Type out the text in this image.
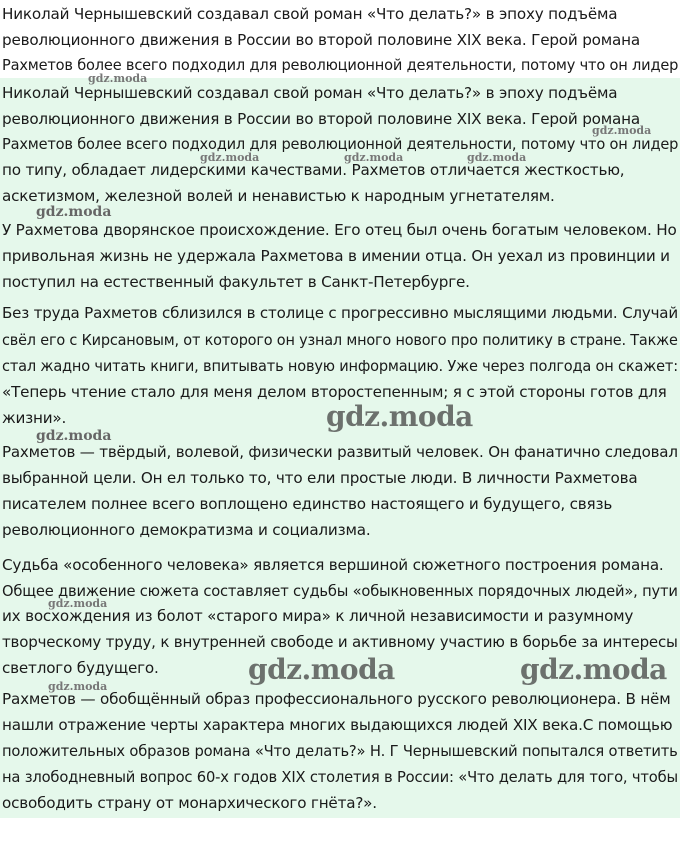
Николай Чернышевский создавал свой роман «Что делать?» в эпоху подъёма
революционного движения в России во второй половине XIX века. Герой романа
Рахметов более всего подходил для революционной деятельности, потому что он лидер
Николай Чернышевский создавал свой роман «Что делать?» в эпоху подъёма
революционного движения в России во второй половине XIX века. Герой романа
Рахметов более всего подходил для революционной деятельности, потому что он лидер
по типу, обладает лидерскими качествами. Рахметов отличается жесткостью,
аскетизмом, железной волей и ненавистью к народным угнетателям.
У Рахметова дворянское происхождение. Его отец был очень богатым человеком. Но
привольная жизнь не удержала Рахметова в имении отца. Он уехал из провинции и
поступил на естественный факультет в Санкт-Петербурге.
Без труда Рахметов сблизился в столице с прогрессивно мыслящими людьми. Случай
свёл его с Кирсановым, от которого он узнал много нового про политику в стране. Также
стал жадно читать книги, впитывать новую информацию. Уже через полгода он скажет:
«Теперь чтение стало для меня делом второстепенным; я с этой стороны готов для
жизни».
Рахметов — твёрдый, волевой, физически развитый человек. Он фанатично следовал
выбранной цели. Он ел только то, что ели простые люди. В личности Рахметова
писателем полнее всего воплощено единство настоящего и будущего, связь
революционного демократизма и социализма.
Судьба «особенного человека» является вершиной сюжетного построения романа.
Общее движение сюжета составляет судьбы «обыкновенных порядочных людей», пути
их восхождения из болот «старого мира» к личной независимости и разумному
творческому труду, к внутренней свободе и активному участию в борьбе за интересы
светлого будущего.
Рахметов — обобщённый образ профессионального русского революционера. В нём
нашли отражение черты характера многих выдающихся людей XIX века.С помощью
положительных образов романа «Что делать?» Н. Г Чернышевский попытался ответить
на злободневный вопрос 60-х годов XIX столетия в России: «Что делать для того, чтобы
освободить страну от монархического гнёта?».
gdz.moda
gdz.moda
gdz.moda	gdz.moda	gdz.moda
gdz.moda
gdz.moda
gdz.moda
gdz.moda
gdz.moda	gdz.moda
gdz.moda
